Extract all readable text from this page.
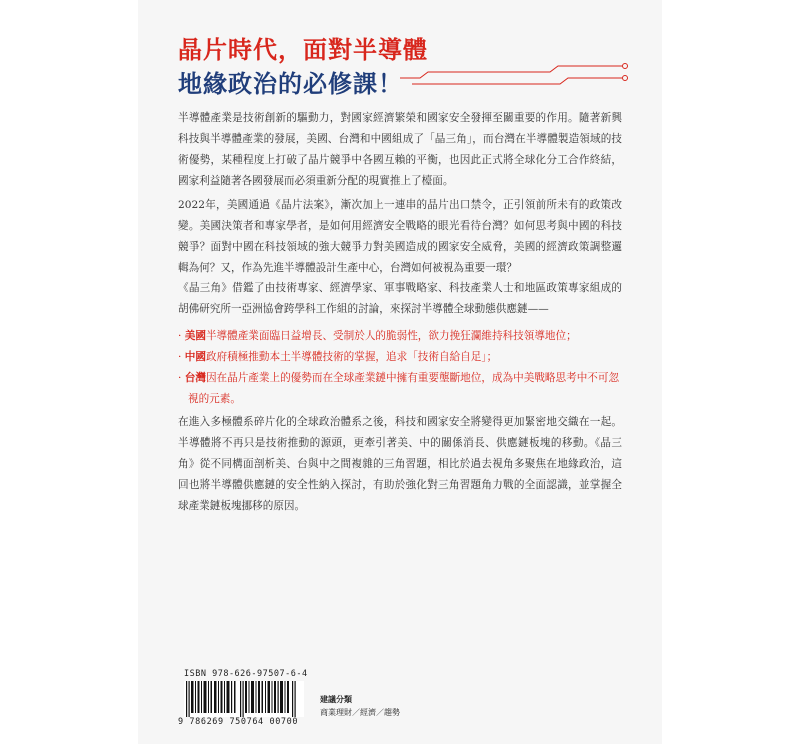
晶片時代，面對半導體
地緣政治的必修課！

半導體產業是技術創新的驅動力，對國家經濟繁榮和國家安全發揮至關重要的作用。隨著新興科技與半導體產業的發展，美國、台灣和中國組成了「晶三角」，而台灣在半導體製造領域的技術優勢，某種程度上打破了晶片競爭中各國互賴的平衡，也因此正式將全球化分工合作終結，國家利益隨著各國發展而必須重新分配的現實推上了檯面。

2022年，美國通過《晶片法案》，漸次加上一連串的晶片出口禁令，正引領前所未有的政策改變。美國決策者和專家學者，是如何用經濟安全戰略的眼光看待台灣？如何思考與中國的科技競爭？面對中國在科技領域的強大競爭力對美國造成的國家安全威脅，美國的經濟政策調整邏輯為何？又，作為先進半導體設計生產中心，台灣如何被視為重要一環？

《晶三角》借鑑了由技術專家、經濟學家、軍事戰略家、科技產業人士和地區政策專家組成的胡佛研究所一亞洲協會跨學科工作組的討論，來探討半導體全球動態供應鏈——

· 美國半導體產業面臨日益增長、受制於人的脆弱性，欲力挽狂瀾維持科技領導地位；
· 中國政府積極推動本土半導體技術的掌握，追求「技術自給自足」；
· 台灣因在晶片產業上的優勢而在全球產業鏈中擁有重要壟斷地位，成為中美戰略思考中不可忽視的元素。

在進入多極體系碎片化的全球政治體系之後，科技和國家安全將變得更加緊密地交織在一起。半導體將不再只是技術推動的源頭，更牽引著美、中的關係消長、供應鏈板塊的移動。《晶三角》從不同構面剖析美、台與中之間複雜的三角習題，相比於過去視角多聚焦在地緣政治，這回也將半導體供應鏈的安全性納入探討，有助於強化對三角習題角力戰的全面認識，並掌握全球產業鏈板塊挪移的原因。

ISBN 978-626-97507-6-4
9 786269 750764 00700
建議分類
商業理財／經濟／趨勢
